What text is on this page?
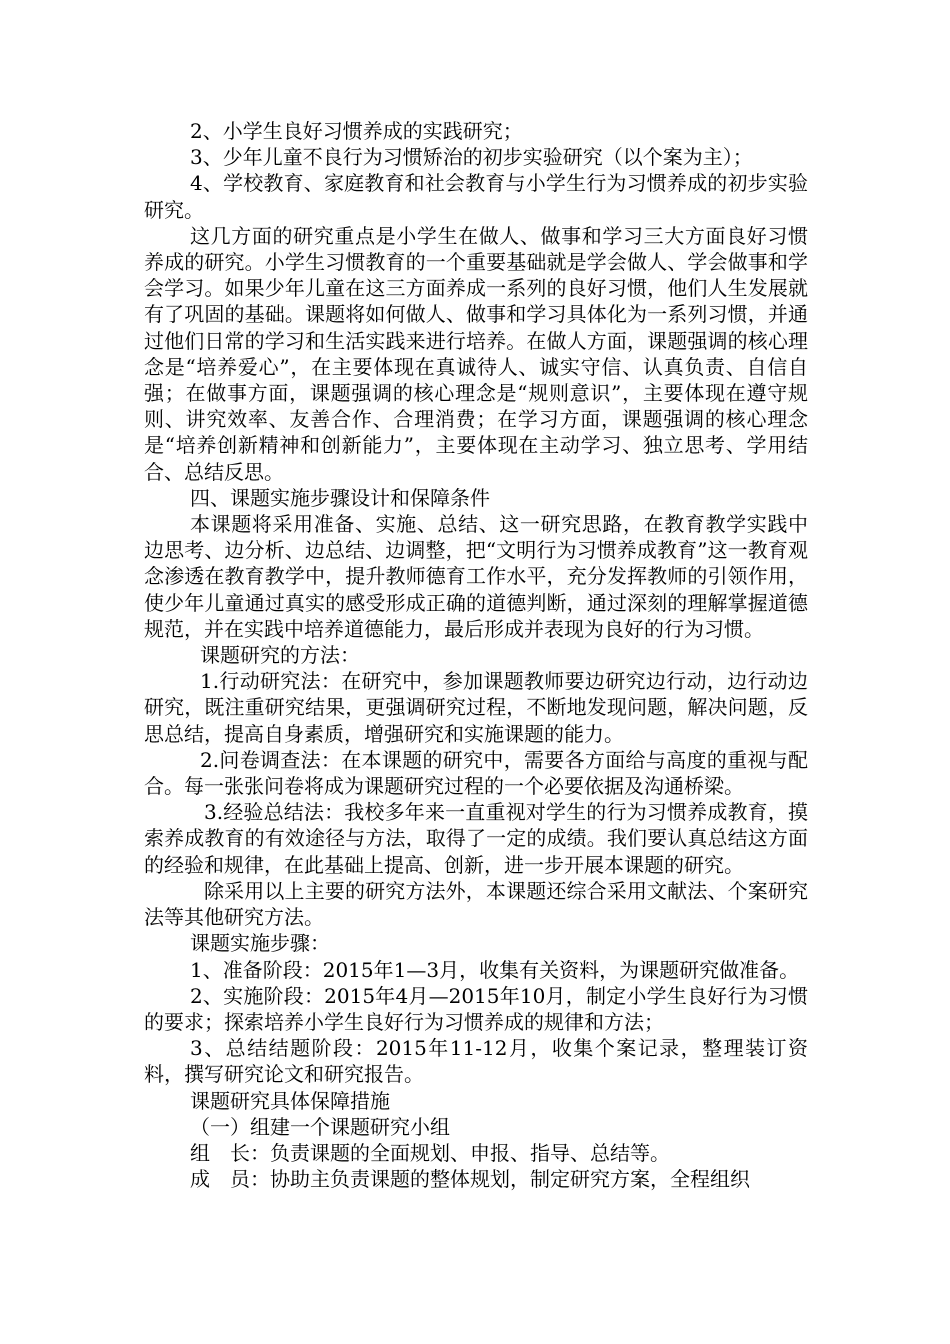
2、小学生良好习惯养成的实践研究；

3、少年儿童不良行为习惯矫治的初步实验研究（以个案为主）；

4、学校教育、家庭教育和社会教育与小学生行为习惯养成的初步实验研究。

这几方面的研究重点是小学生在做人、做事和学习三大方面良好习惯养成的研究。小学生习惯教育的一个重要基础就是学会做人、学会做事和学会学习。如果少年儿童在这三方面养成一系列的良好习惯，他们人生发展就有了巩固的基础。课题将如何做人、做事和学习具体化为一系列习惯，并通过他们日常的学习和生活实践来进行培养。在做人方面，课题强调的核心理念是“培养爱心”，在主要体现在真诚待人、诚实守信、认真负责、自信自强；在做事方面，课题强调的核心理念是“规则意识”，主要体现在遵守规则、讲究效率、友善合作、合理消费；在学习方面，课题强调的核心理念是“培养创新精神和创新能力”，主要体现在主动学习、独立思考、学用结合、总结反思。

四、课题实施步骤设计和保障条件

本课题将采用准备、实施、总结、这一研究思路，在教育教学实践中边思考、边分析、边总结、边调整，把“文明行为习惯养成教育”这一教育观念渗透在教育教学中，提升教师德育工作水平，充分发挥教师的引领作用，使少年儿童通过真实的感受形成正确的道德判断，通过深刻的理解掌握道德规范，并在实践中培养道德能力，最后形成并表现为良好的行为习惯。

课题研究的方法：

1.行动研究法：在研究中，参加课题教师要边研究边行动，边行动边研究，既注重研究结果，更强调研究过程，不断地发现问题，解决问题，反思总结，提高自身素质，增强研究和实施课题的能力。

2.问卷调查法：在本课题的研究中，需要各方面给与高度的重视与配合。每一张张问卷将成为课题研究过程的一个必要依据及沟通桥梁。

3.经验总结法：我校多年来一直重视对学生的行为习惯养成教育，摸索养成教育的有效途径与方法，取得了一定的成绩。我们要认真总结这方面的经验和规律，在此基础上提高、创新，进一步开展本课题的研究。

除采用以上主要的研究方法外，本课题还综合采用文献法、个案研究法等其他研究方法。

课题实施步骤：

1、准备阶段：2015年1—3月，收集有关资料，为课题研究做准备。

2、实施阶段：2015年4月—2015年10月，制定小学生良好行为习惯的要求；探索培养小学生良好行为习惯养成的规律和方法；

3、总结结题阶段：2015年11-12月，收集个案记录，整理装订资料，撰写研究论文和研究报告。

课题研究具体保障措施

（一）组建一个课题研究小组

组　长：负责课题的全面规划、申报、指导、总结等。

成　员：协助主负责课题的整体规划，制定研究方案，全程组织
